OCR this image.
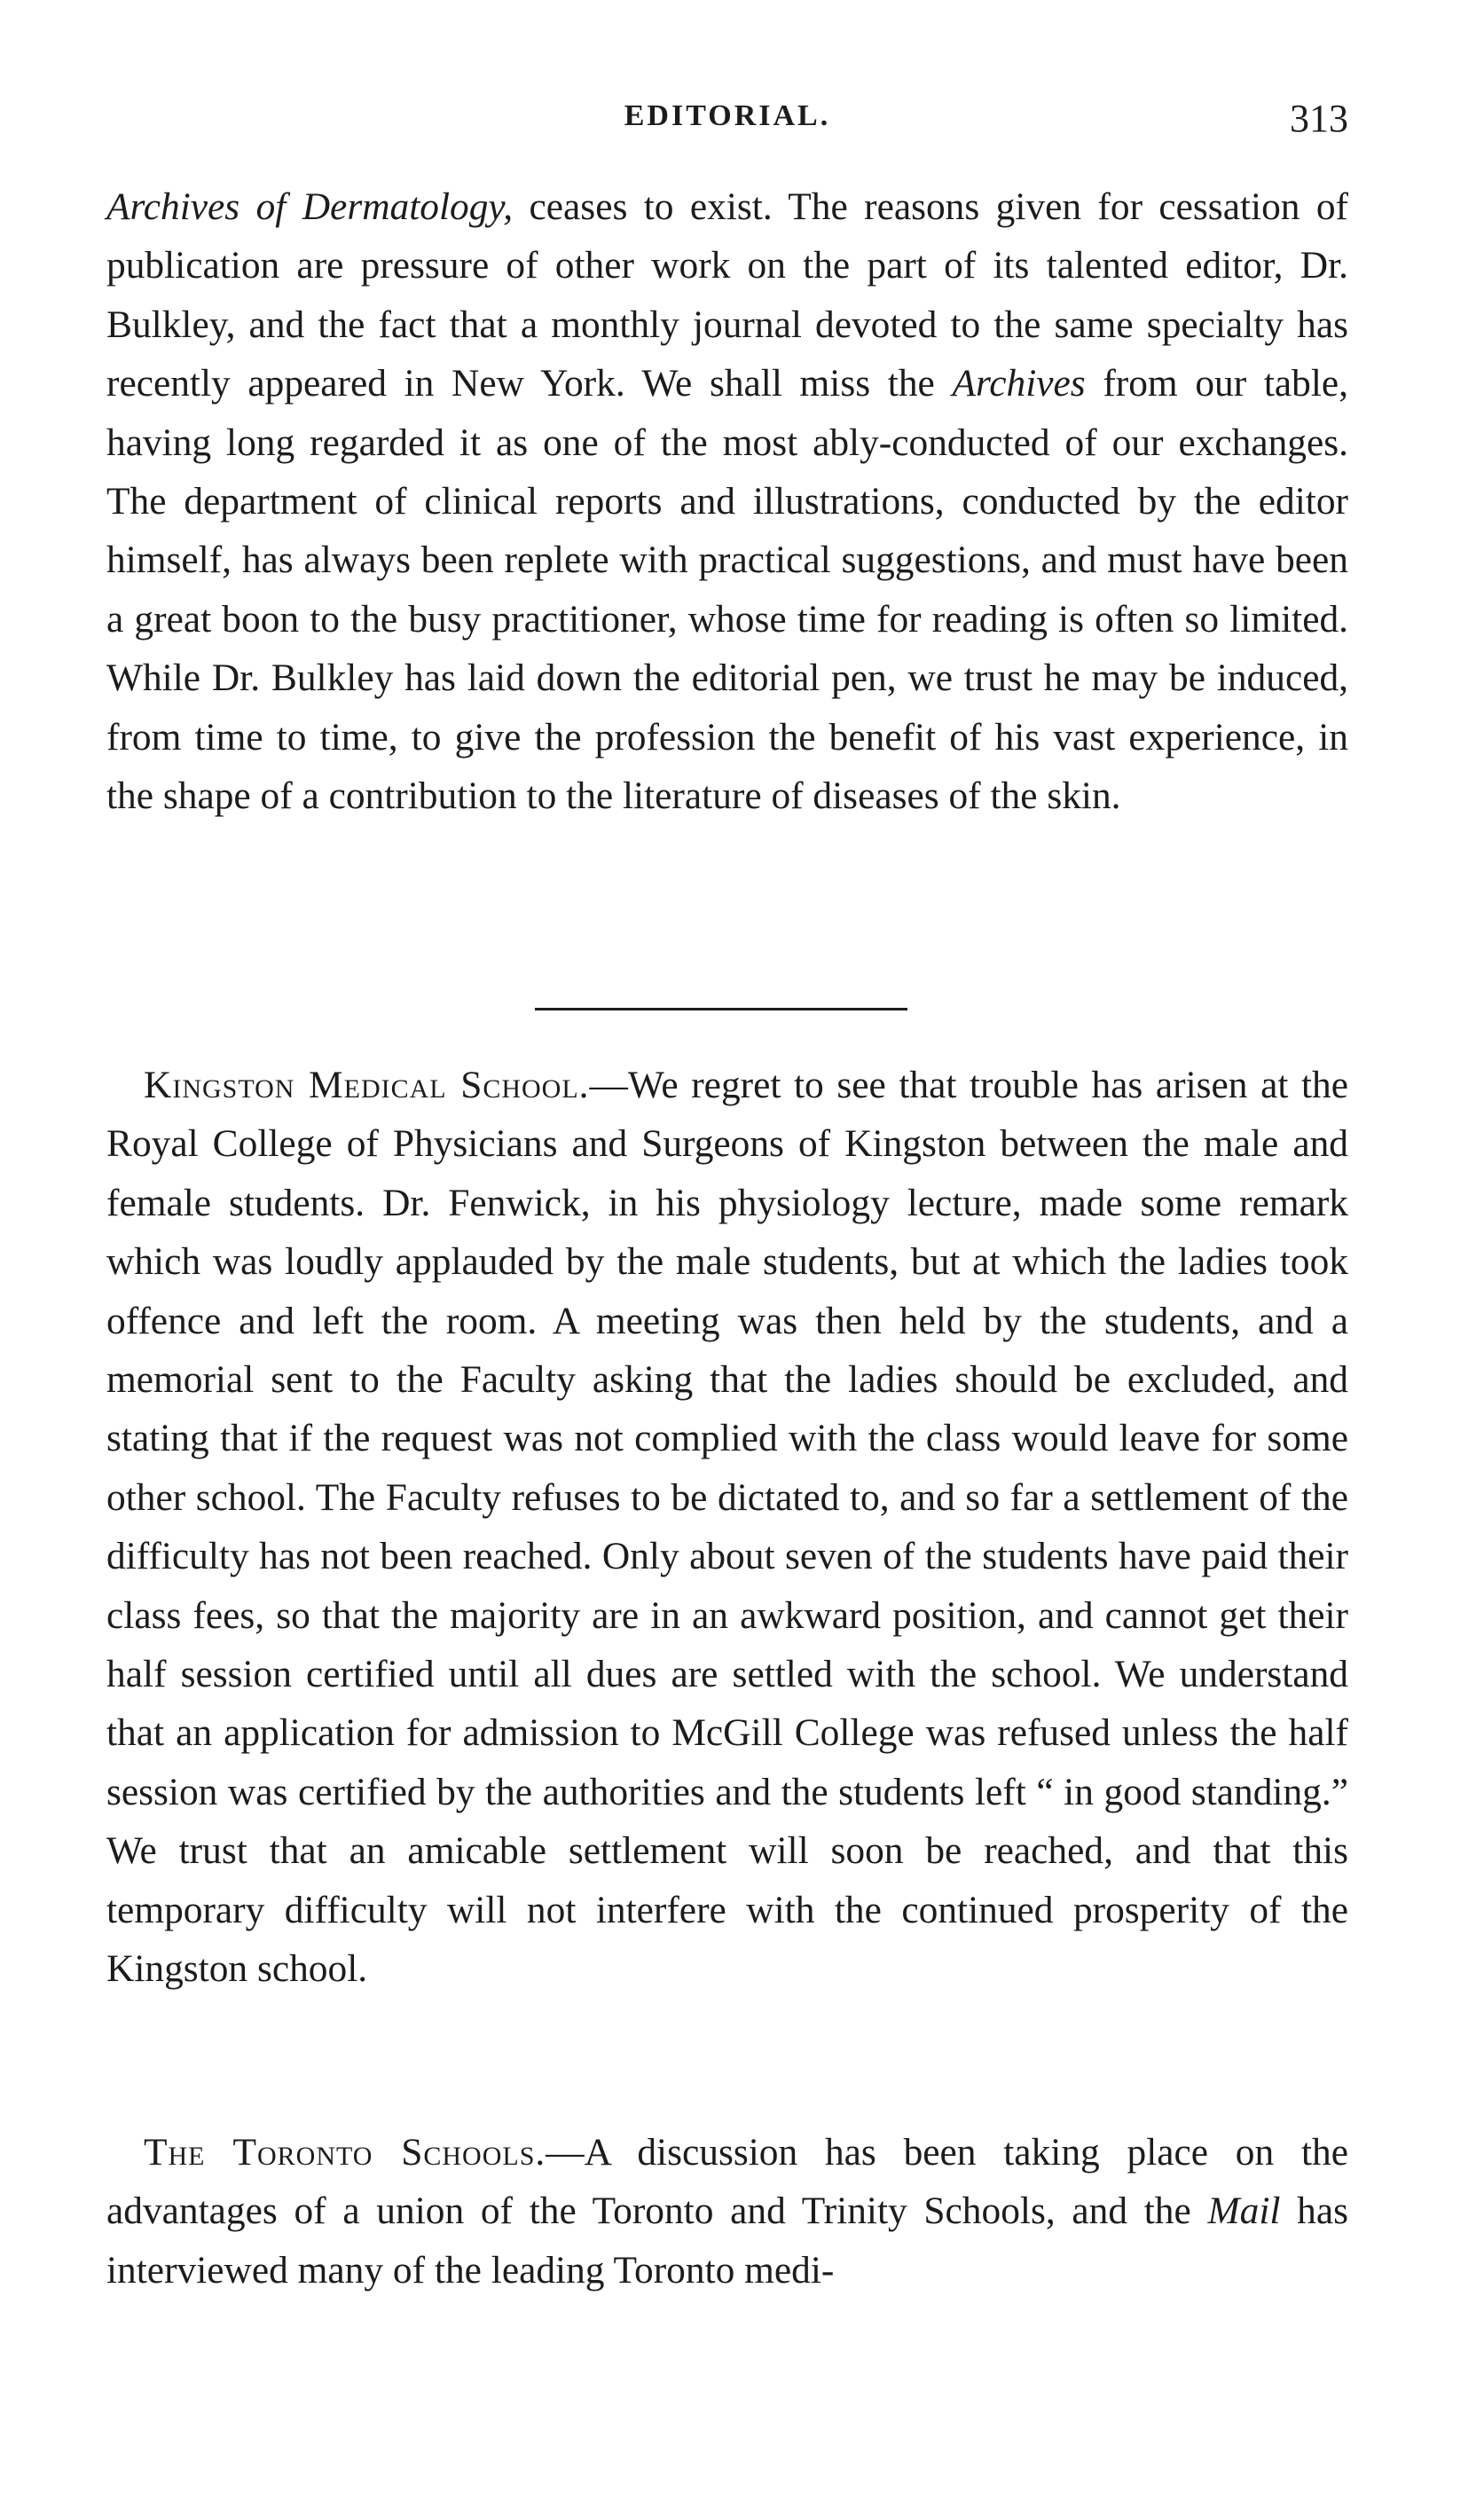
EDITORIAL.	313

Archives of Dermatology, ceases to exist. The reasons given for cessation of publication are pressure of other work on the part of its talented editor, Dr. Bulkley, and the fact that a monthly journal devoted to the same specialty has recently appeared in New York. We shall miss the Archives from our table, having long regarded it as one of the most ably-conducted of our exchanges. The department of clinical reports and illustrations, conducted by the editor himself, has always been replete with practical suggestions, and must have been a great boon to the busy practitioner, whose time for reading is often so limited. While Dr. Bulkley has laid down the editorial pen, we trust he may be induced, from time to time, to give the profession the benefit of his vast experience, in the shape of a contribution to the literature of diseases of the skin.

Kingston Medical School.—We regret to see that trouble has arisen at the Royal College of Physicians and Surgeons of Kingston between the male and female students. Dr. Fenwick, in his physiology lecture, made some remark which was loudly applauded by the male students, but at which the ladies took offence and left the room. A meeting was then held by the students, and a memorial sent to the Faculty asking that the ladies should be excluded, and stating that if the request was not complied with the class would leave for some other school. The Faculty refuses to be dictated to, and so far a settlement of the difficulty has not been reached. Only about seven of the students have paid their class fees, so that the majority are in an awkward position, and cannot get their half session certified until all dues are settled with the school. We understand that an application for admission to McGill College was refused unless the half session was certified by the authorities and the students left “ in good standing.” We trust that an amicable settlement will soon be reached, and that this temporary difficulty will not interfere with the continued prosperity of the Kingston school.

The Toronto Schools.—A discussion has been taking place on the advantages of a union of the Toronto and Trinity Schools, and the Mail has interviewed many of the leading Toronto medi-
